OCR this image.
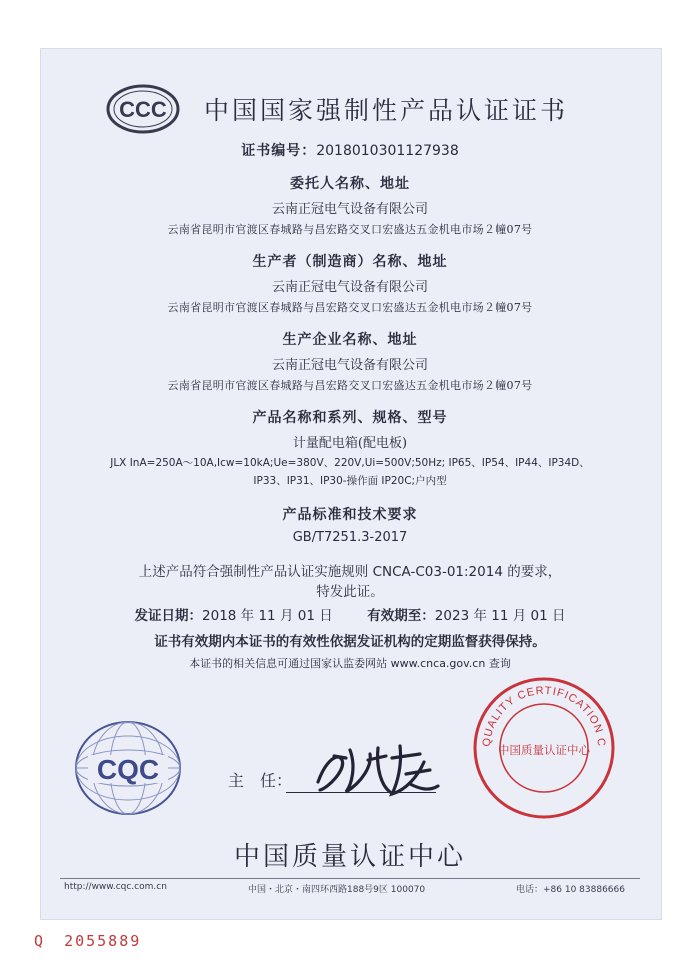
CCC 中国国家强制性产品认证证书
证书编号：2018010301127938
委托人名称、地址
云南正冠电气设备有限公司
云南省昆明市官渡区春城路与昌宏路交叉口宏盛达五金机电市场２幢07号
生产者（制造商）名称、地址
云南正冠电气设备有限公司
云南省昆明市官渡区春城路与昌宏路交叉口宏盛达五金机电市场２幢07号
生产企业名称、地址
云南正冠电气设备有限公司
云南省昆明市官渡区春城路与昌宏路交叉口宏盛达五金机电市场２幢07号
产品名称和系列、规格、型号
计量配电箱(配电板)
JLX InA=250A～10A,Icw=10kA;Ue=380V、220V,Ui=500V;50Hz; IP65、IP54、IP44、IP34D、
IP33、IP31、IP30-操作面 IP20C;户内型
产品标准和技术要求
GB/T7251.3-2017
上述产品符合强制性产品认证实施规则 CNCA-C03-01:2014 的要求，
特发此证。
发证日期：2018 年 11 月 01 日	有效期至：2023 年 11 月 01 日
证书有效期内本证书的有效性依据发证机构的定期监督获得保持。
本证书的相关信息可通过国家认监委网站 www.cnca.gov.cn 查询
CQC	主　任：
QUALITY CERTIFICATION C
中国质量认证中心
中国质量认证中心
http://www.cqc.com.cn	中国・北京・南四环西路188号9区 100070	电话：+86 10 83886666
Q 2055889
